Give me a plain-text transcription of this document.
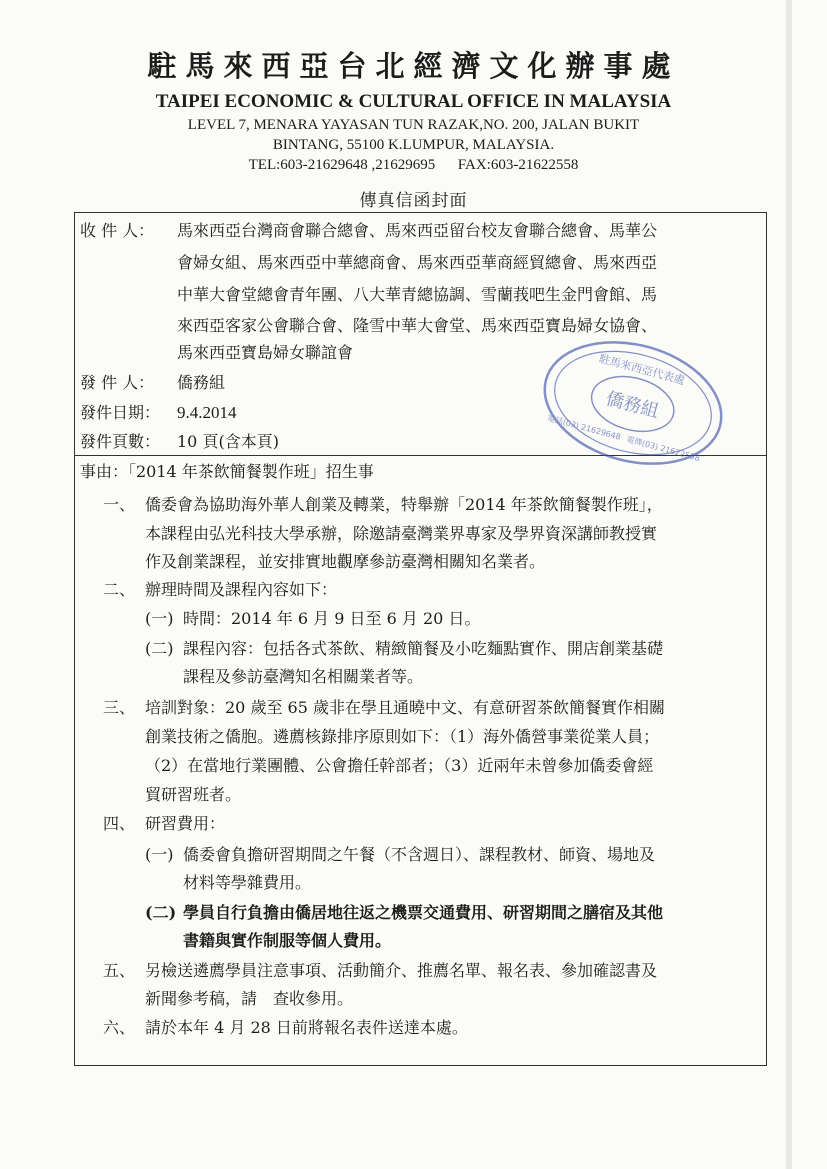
駐馬來西亞台北經濟文化辦事處
TAIPEI ECONOMIC & CULTURAL OFFICE IN MALAYSIA
LEVEL 7, MENARA YAYASAN TUN RAZAK,NO. 200, JALAN BUKIT
BINTANG, 55100 K.LUMPUR, MALAYSIA.
TEL:603-21629648 ,21629695      FAX:603-21622558
傳真信函封面
收 件 人： 馬來西亞台灣商會聯合總會、馬來西亞留台校友會聯合總會、馬華公
會婦女組、馬來西亞中華總商會、馬來西亞華商經貿總會、馬來西亞
中華大會堂總會青年團、八大華青總協調、雪蘭莪吧生金門會館、馬
來西亞客家公會聯合會、隆雪中華大會堂、馬來西亞寶島婦女協會、
馬來西亞寶島婦女聯誼會
發 件 人： 僑務組
發件日期： 9.4.2014
發件頁數： 10 頁(含本頁)
駐馬來西亞代表處
僑務組
電話(03) 21629648
電傳(03) 21622558
事由：「2014 年茶飲簡餐製作班」招生事
一、 僑委會為協助海外華人創業及轉業，特舉辦「2014 年茶飲簡餐製作班」，
本課程由弘光科技大學承辦，除邀請臺灣業界專家及學界資深講師教授實
作及創業課程，並安排實地觀摩參訪臺灣相關知名業者。
二、 辦理時間及課程內容如下：
(一) 時間：2014 年 6 月 9 日至 6 月 20 日。
(二) 課程內容：包括各式茶飲、精緻簡餐及小吃麵點實作、開店創業基礎
課程及參訪臺灣知名相關業者等。
三、 培訓對象：20 歲至 65 歲非在學且通曉中文、有意研習茶飲簡餐實作相關
創業技術之僑胞。遴薦核錄排序原則如下：（1）海外僑營事業從業人員；
（2）在當地行業團體、公會擔任幹部者；（3）近兩年未曾參加僑委會經
貿研習班者。
四、 研習費用：
(一) 僑委會負擔研習期間之午餐（不含週日）、課程教材、師資、場地及
材料等學雜費用。
(二) 學員自行負擔由僑居地往返之機票交通費用、研習期間之膳宿及其他
書籍與實作制服等個人費用。
五、 另檢送遴薦學員注意事項、活動簡介、推薦名單、報名表、參加確認書及
新聞參考稿，請　查收參用。
六、 請於本年 4 月 28 日前將報名表件送達本處。
